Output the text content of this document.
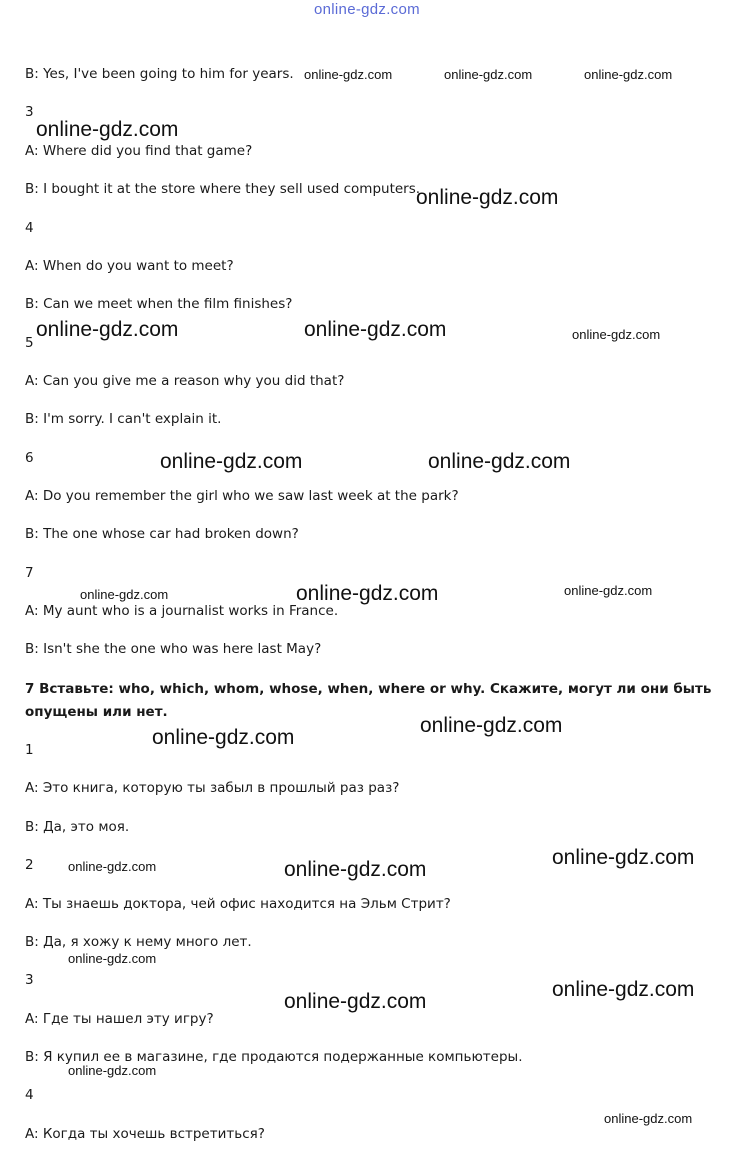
online-gdz.com
B: Yes, I've been going to him for years.
3
A: Where did you find that game?
B: I bought it at the store where they sell used computers.
4
A: When do you want to meet?
B: Can we meet when the film finishes?
5
A: Can you give me a reason why you did that?
B: I'm sorry. I can't explain it.
6
A: Do you remember the girl who we saw last week at the park?
B: The one whose car had broken down?
7
A: My aunt who is a journalist works in France.
B: Isn't she the one who was here last May?
7 Вставьте: who, which, whom, whose, when, where or why. Скажите, могут ли они быть опущены или нет.
1
A: Это книга, которую ты забыл в прошлый раз раз?
B: Да, это моя.
2
A: Ты знаешь доктора, чей офис находится на Эльм Стрит?
B: Да, я хожу к нему много лет.
3
A: Где ты нашел эту игру?
B: Я купил ее в магазине, где продаются подержанные компьютеры.
4
A: Когда ты хочешь встретиться?
online-gdz.com	online-gdz.com	online-gdz.com
online-gdz.com
online-gdz.com
online-gdz.com	online-gdz.com	online-gdz.com
online-gdz.com	online-gdz.com
online-gdz.com	online-gdz.com	online-gdz.com
online-gdz.com
online-gdz.com
online-gdz.com
online-gdz.com	online-gdz.com
online-gdz.com
online-gdz.com
online-gdz.com
online-gdz.com
online-gdz.com
